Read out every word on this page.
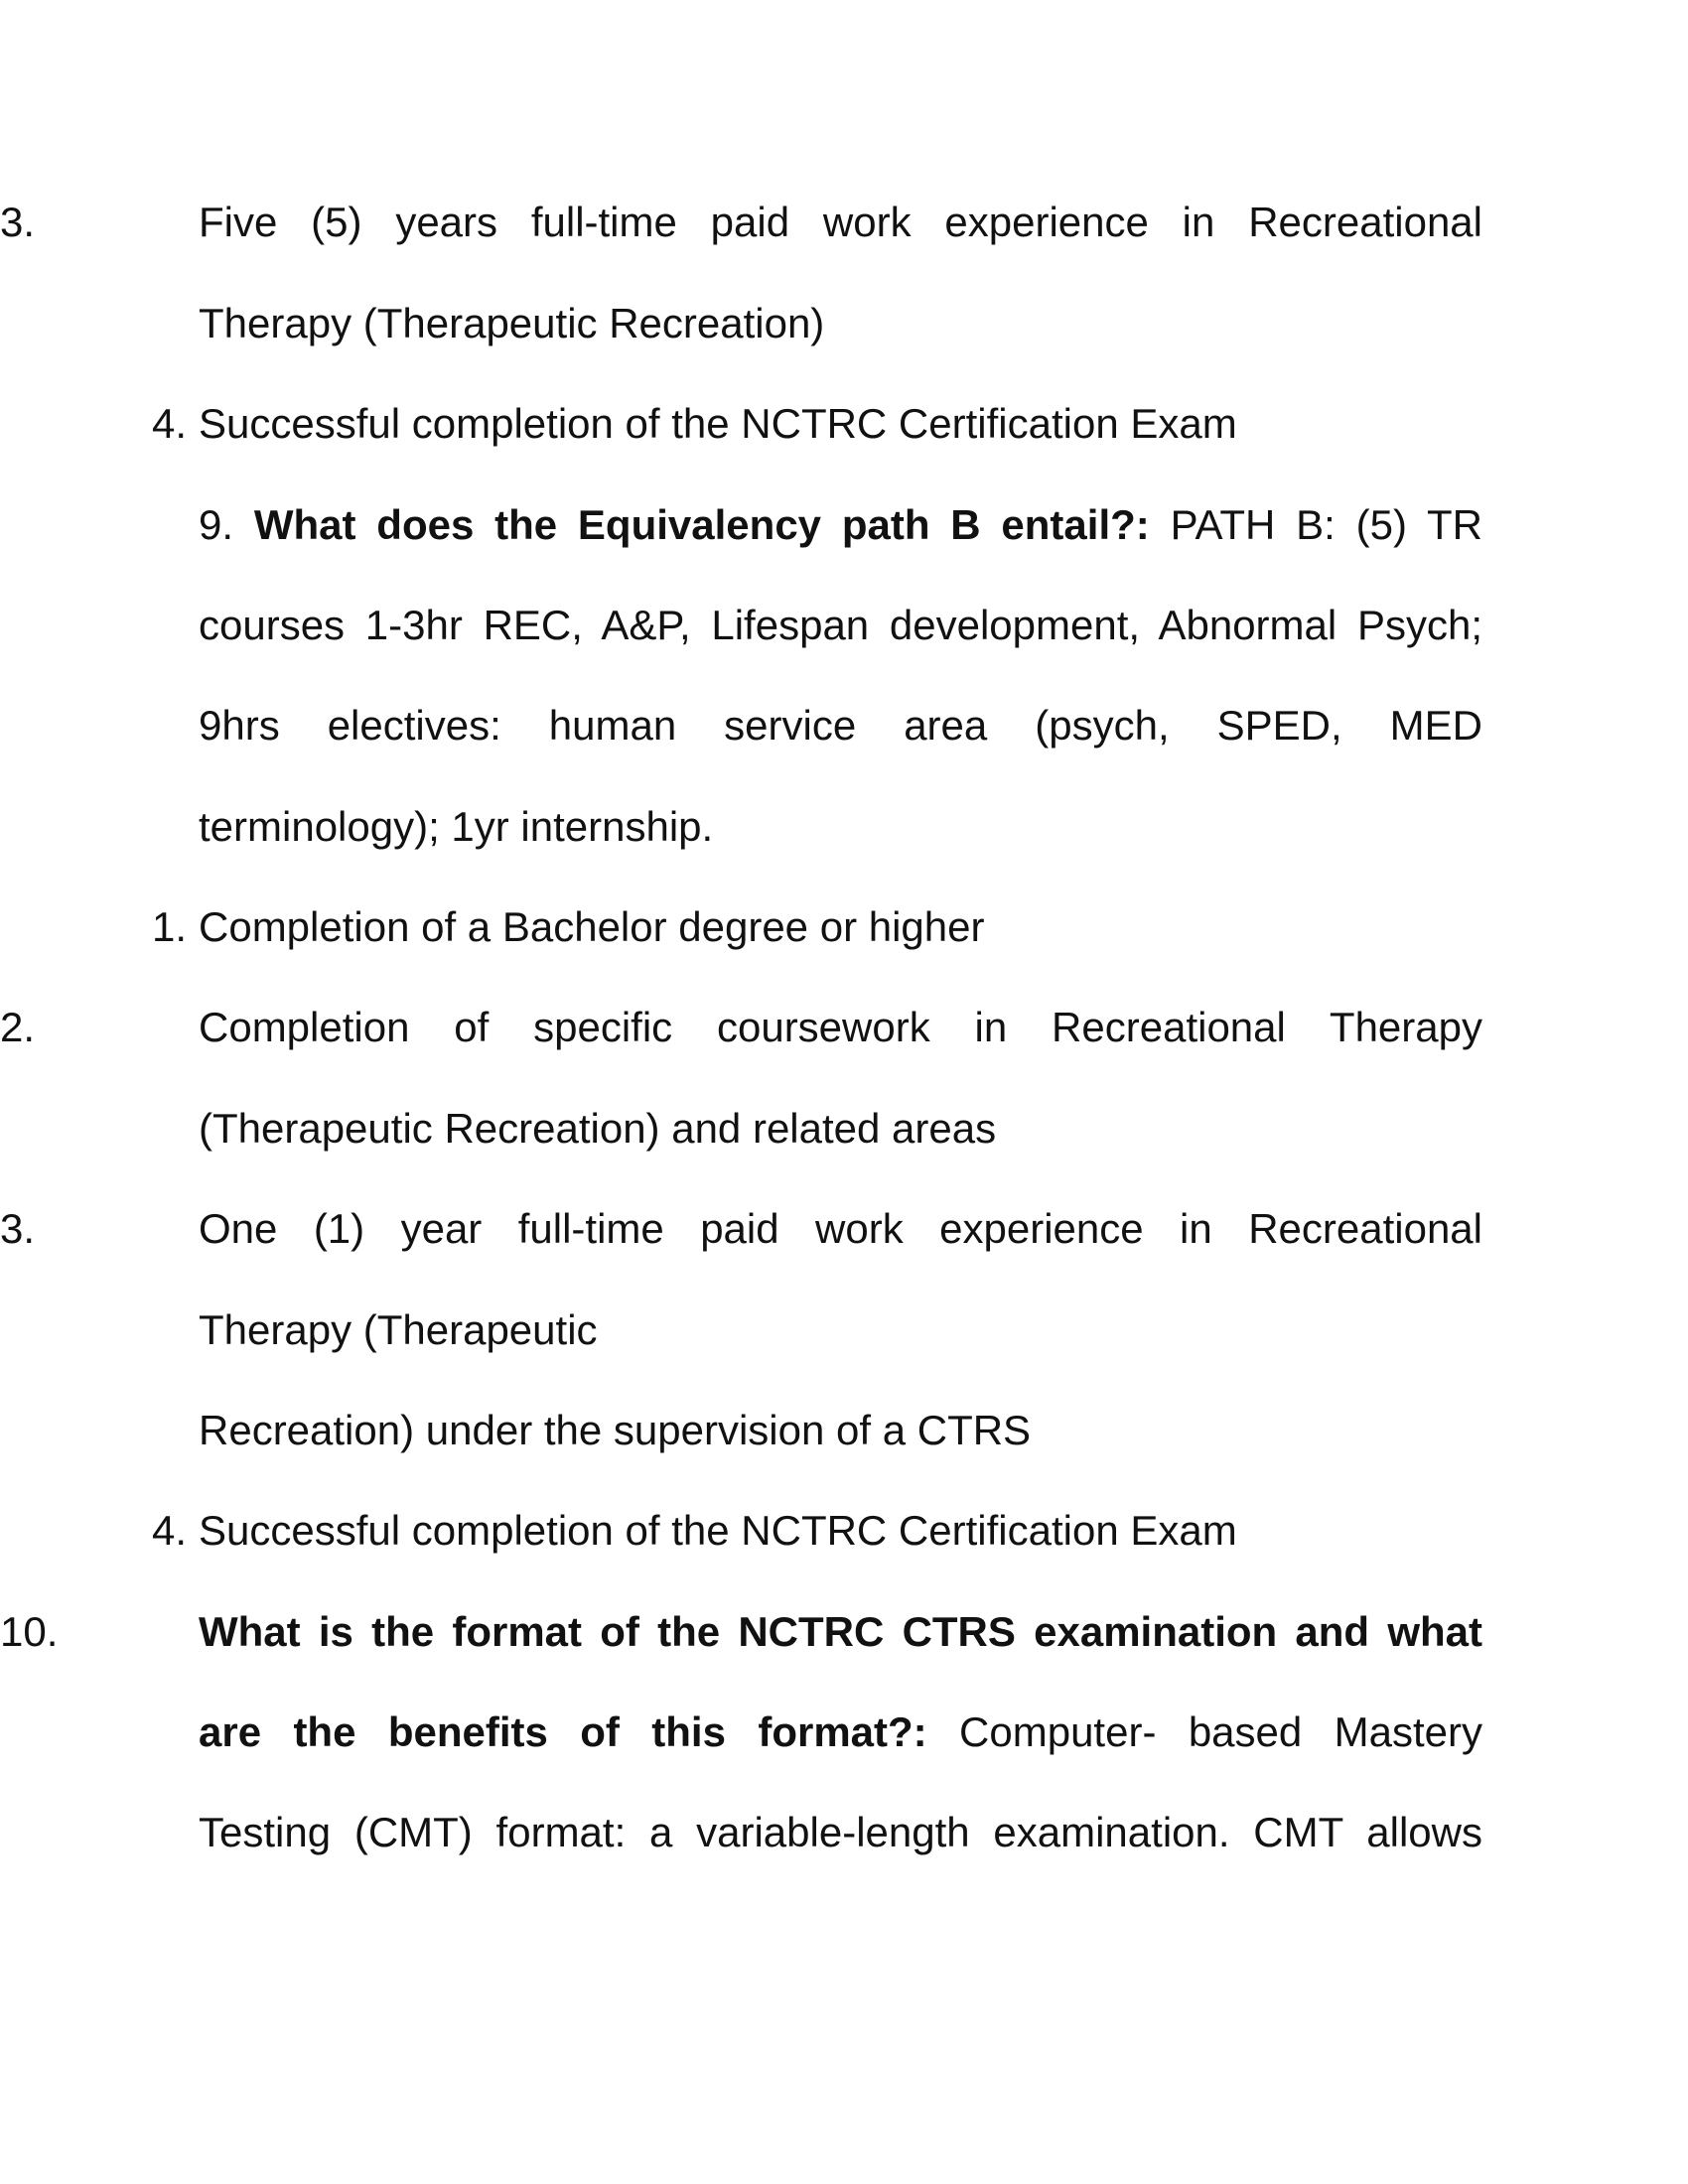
3.	Five (5) years full-time paid work experience in Recreational
Therapy (Therapeutic Recreation)
4. Successful completion of the NCTRC Certification Exam
9. What does the Equivalency path B entail?: PATH B: (5) TR
courses 1-3hr REC, A&P, Lifespan development, Abnormal Psych;
9hrs electives: human service area (psych, SPED, MED
terminology); 1yr internship.
1. Completion of a Bachelor degree or higher
2.	Completion of specific coursework in Recreational Therapy
(Therapeutic Recreation) and related areas
3.	One (1) year full-time paid work experience in Recreational
Therapy (Therapeutic
Recreation) under the supervision of a CTRS
4. Successful completion of the NCTRC Certification Exam
10.	What is the format of the NCTRC CTRS examination and what
are the benefits of this format?: Computer- based Mastery
Testing (CMT) format: a variable-length examination. CMT allows
